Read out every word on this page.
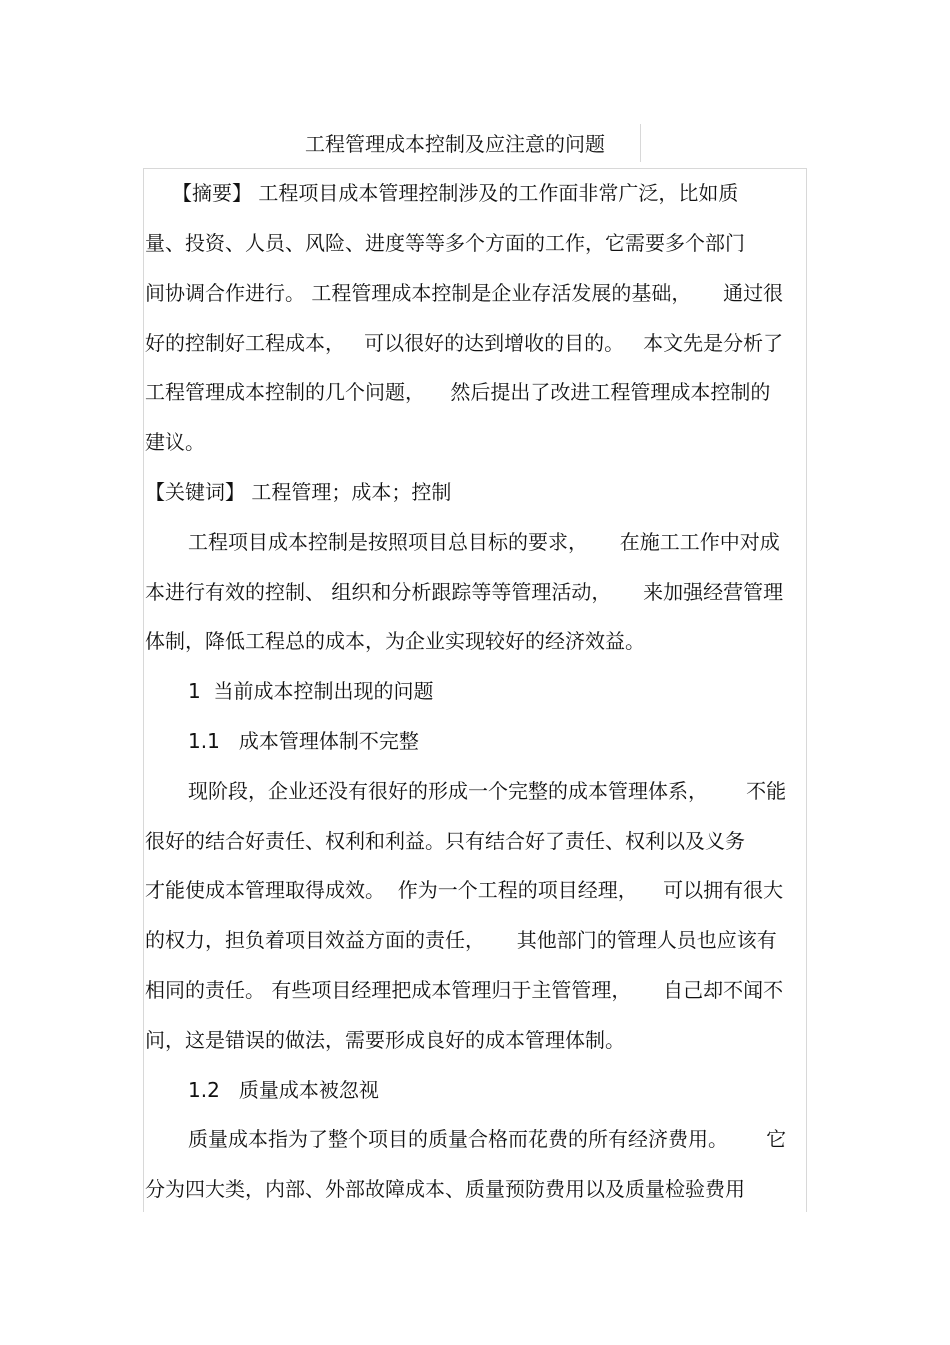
工程管理成本控制及应注意的问题

【摘要】 工程项目成本管理控制涉及的工作面非常广泛，比如质

量、投资、人员、风险、进度等等多个方面的工作，它需要多个部门

间协调合作进行。 工程管理成本控制是企业存活发展的基础，     通过很

好的控制好工程成本，   可以很好的达到增收的目的。   本文先是分析了

工程管理成本控制的几个问题，    然后提出了改进工程管理成本控制的

建议。

【关键词】 工程管理；成本；控制

工程项目成本控制是按照项目总目标的要求，     在施工工作中对成

本进行有效的控制、 组织和分析跟踪等等管理活动，     来加强经营管理

体制，降低工程总的成本，为企业实现较好的经济效益。

1  当前成本控制出现的问题

1.1   成本管理体制不完整

现阶段，企业还没有很好的形成一个完整的成本管理体系，      不能

很好的结合好责任、权利和利益。只有结合好了责任、权利以及义务

才能使成本管理取得成效。  作为一个工程的项目经理，    可以拥有很大

的权力，担负着项目效益方面的责任，     其他部门的管理人员也应该有

相同的责任。 有些项目经理把成本管理归于主管管理，     自己却不闻不

问，这是错误的做法，需要形成良好的成本管理体制。

1.2   质量成本被忽视

质量成本指为了整个项目的质量合格而花费的所有经济费用。      它

分为四大类，内部、外部故障成本、质量预防费用以及质量检验费用
